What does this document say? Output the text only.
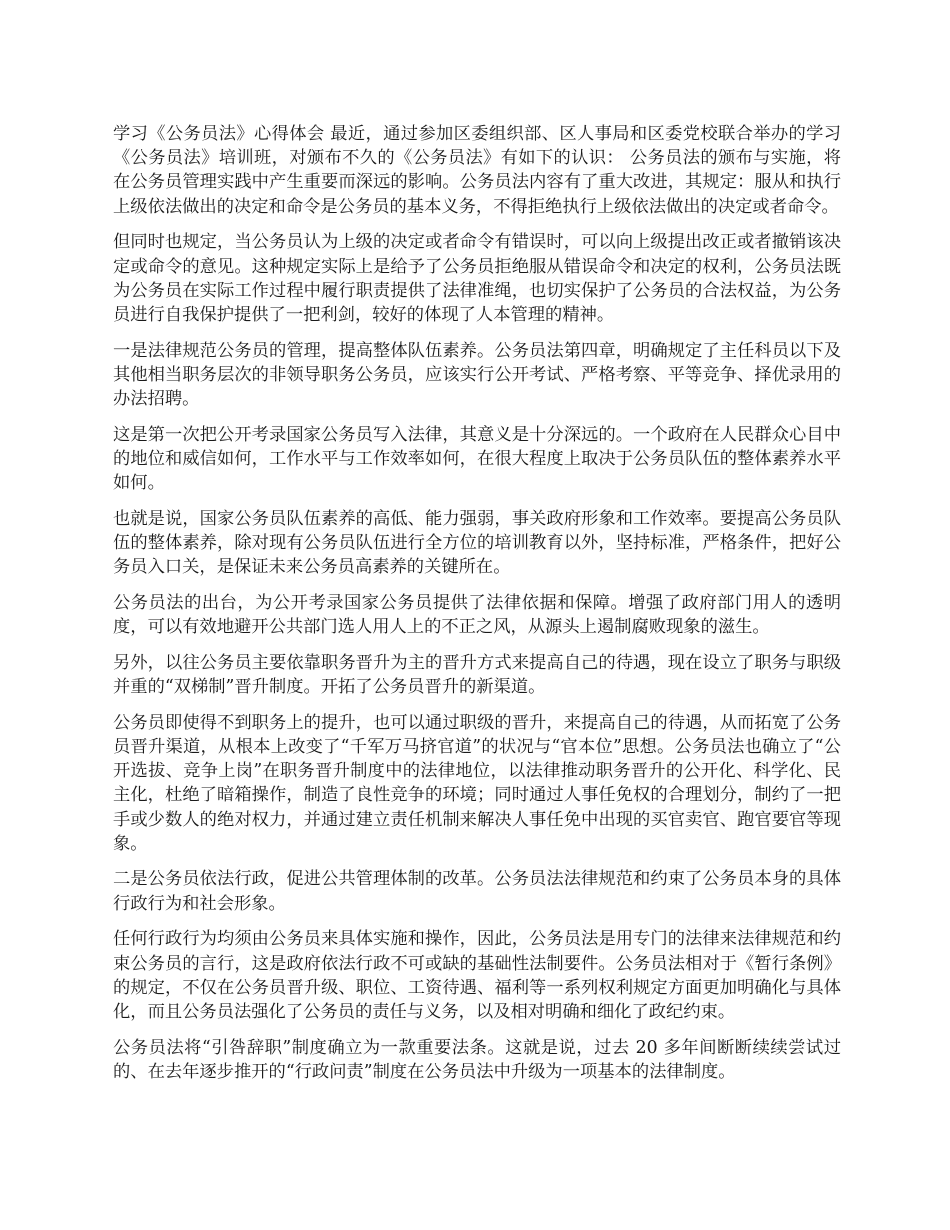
学习《公务员法》心得体会 最近，通过参加区委组织部、区人事局和区委党校联合举办的学习《公务员法》培训班，对颁布不久的《公务员法》有如下的认识： 公务员法的颁布与实施，将在公务员管理实践中产生重要而深远的影响。公务员法内容有了重大改进，其规定：服从和执行上级依法做出的决定和命令是公务员的基本义务，不得拒绝执行上级依法做出的决定或者命令。

但同时也规定，当公务员认为上级的决定或者命令有错误时，可以向上级提出改正或者撤销该决定或命令的意见。这种规定实际上是给予了公务员拒绝服从错误命令和决定的权利，公务员法既为公务员在实际工作过程中履行职责提供了法律准绳，也切实保护了公务员的合法权益，为公务员进行自我保护提供了一把利剑，较好的体现了人本管理的精神。

一是法律规范公务员的管理，提高整体队伍素养。公务员法第四章，明确规定了主任科员以下及其他相当职务层次的非领导职务公务员，应该实行公开考试、严格考察、平等竞争、择优录用的办法招聘。

这是第一次把公开考录国家公务员写入法律，其意义是十分深远的。一个政府在人民群众心目中的地位和威信如何，工作水平与工作效率如何，在很大程度上取决于公务员队伍的整体素养水平如何。

也就是说，国家公务员队伍素养的高低、能力强弱，事关政府形象和工作效率。要提高公务员队伍的整体素养，除对现有公务员队伍进行全方位的培训教育以外，坚持标准，严格条件，把好公务员入口关，是保证未来公务员高素养的关键所在。

公务员法的出台，为公开考录国家公务员提供了法律依据和保障。增强了政府部门用人的透明度，可以有效地避开公共部门选人用人上的不正之风，从源头上遏制腐败现象的滋生。

另外，以往公务员主要依靠职务晋升为主的晋升方式来提高自己的待遇，现在设立了职务与职级并重的“双梯制”晋升制度。开拓了公务员晋升的新渠道。

公务员即使得不到职务上的提升，也可以通过职级的晋升，来提高自己的待遇，从而拓宽了公务员晋升渠道，从根本上改变了“千军万马挤官道”的状况与“官本位”思想。公务员法也确立了“公开选拔、竞争上岗”在职务晋升制度中的法律地位，以法律推动职务晋升的公开化、科学化、民主化，杜绝了暗箱操作，制造了良性竞争的环境；同时通过人事任免权的合理划分，制约了一把手或少数人的绝对权力，并通过建立责任机制来解决人事任免中出现的买官卖官、跑官要官等现象。

二是公务员依法行政，促进公共管理体制的改革。公务员法法律规范和约束了公务员本身的具体行政行为和社会形象。

任何行政行为均须由公务员来具体实施和操作，因此，公务员法是用专门的法律来法律规范和约束公务员的言行，这是政府依法行政不可或缺的基础性法制要件。公务员法相对于《暂行条例》的规定，不仅在公务员晋升级、职位、工资待遇、福利等一系列权利规定方面更加明确化与具体化，而且公务员法强化了公务员的责任与义务，以及相对明确和细化了政纪约束。

公务员法将“引咎辞职”制度确立为一款重要法条。这就是说，过去 20 多年间断断续续尝试过的、在去年逐步推开的“行政问责”制度在公务员法中升级为一项基本的法律制度。
